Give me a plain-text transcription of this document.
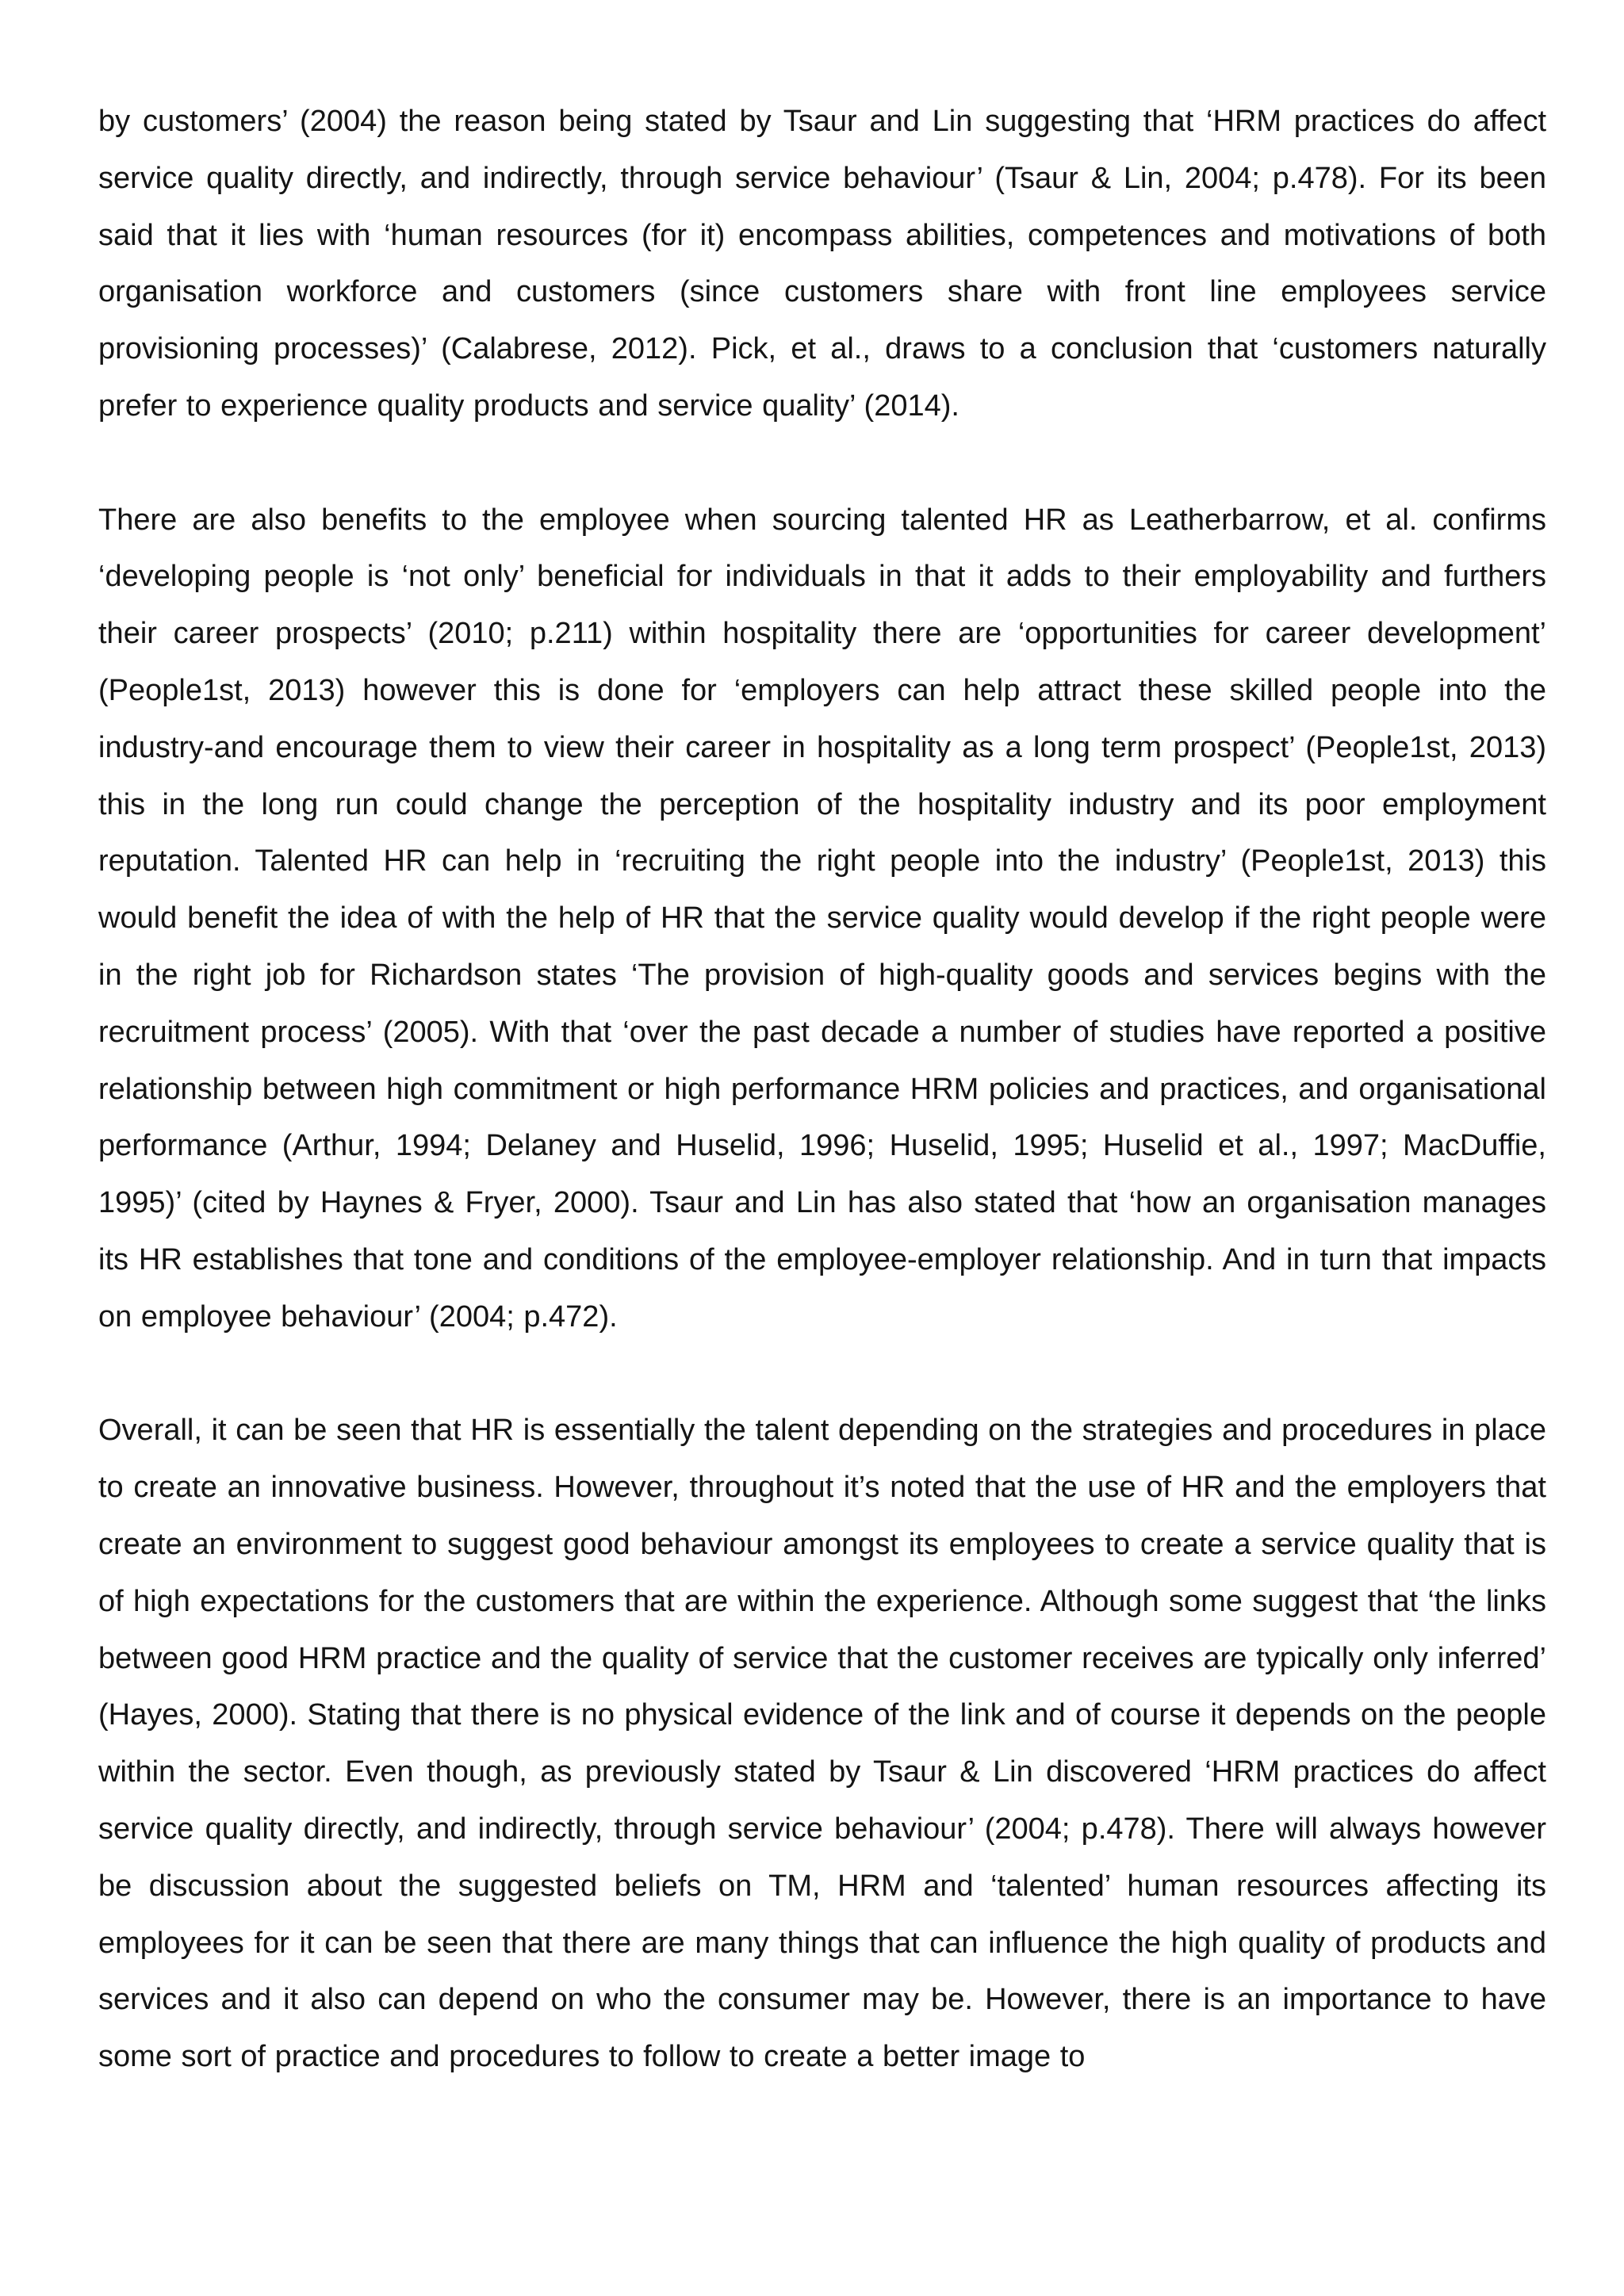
by customers’ (2004) the reason being stated by Tsaur and Lin suggesting that ‘HRM practices do affect service quality directly, and indirectly, through service behaviour’ (Tsaur & Lin, 2004; p.478). For its been said that it lies with ‘human resources (for it) encompass abilities, competences and motivations of both organisation workforce and customers (since customers share with front line employees service provisioning processes)’ (Calabrese, 2012). Pick, et al., draws to a conclusion that ‘customers naturally prefer to experience quality products and service quality’ (2014).

There are also benefits to the employee when sourcing talented HR as Leatherbarrow, et al. confirms ‘developing people is ‘not only’ beneficial for individuals in that it adds to their employability and furthers their career prospects’ (2010; p.211) within hospitality there are ‘opportunities for career development’ (People1st, 2013) however this is done for ‘employers can help attract these skilled people into the industry-and encourage them to view their career in hospitality as a long term prospect’ (People1st, 2013) this in the long run could change the perception of the hospitality industry and its poor employment reputation. Talented HR can help in ‘recruiting the right people into the industry’ (People1st, 2013) this would benefit the idea of with the help of HR that the service quality would develop if the right people were in the right job for Richardson states ‘The provision of high-quality goods and services begins with the recruitment process’ (2005). With that ‘over the past decade a number of studies have reported a positive relationship between high commitment or high performance HRM policies and practices, and organisational performance (Arthur, 1994; Delaney and Huselid, 1996; Huselid, 1995; Huselid et al., 1997; MacDuffie, 1995)’ (cited by Haynes & Fryer, 2000). Tsaur and Lin has also stated that ‘how an organisation manages its HR establishes that tone and conditions of the employee-employer relationship. And in turn that impacts on employee behaviour’ (2004; p.472).

Overall, it can be seen that HR is essentially the talent depending on the strategies and procedures in place to create an innovative business. However, throughout it’s noted that the use of HR and the employers that create an environment to suggest good behaviour amongst its employees to create a service quality that is of high expectations for the customers that are within the experience. Although some suggest that ‘the links between good HRM practice and the quality of service that the customer receives are typically only inferred’ (Hayes, 2000). Stating that there is no physical evidence of the link and of course it depends on the people within the sector. Even though, as previously stated by Tsaur & Lin discovered ‘HRM practices do affect service quality directly, and indirectly, through service behaviour’ (2004; p.478). There will always however be discussion about the suggested beliefs on TM, HRM and ‘talented’ human resources affecting its employees for it can be seen that there are many things that can influence the high quality of products and services and it also can depend on who the consumer may be. However, there is an importance to have some sort of practice and procedures to follow to create a better image to
